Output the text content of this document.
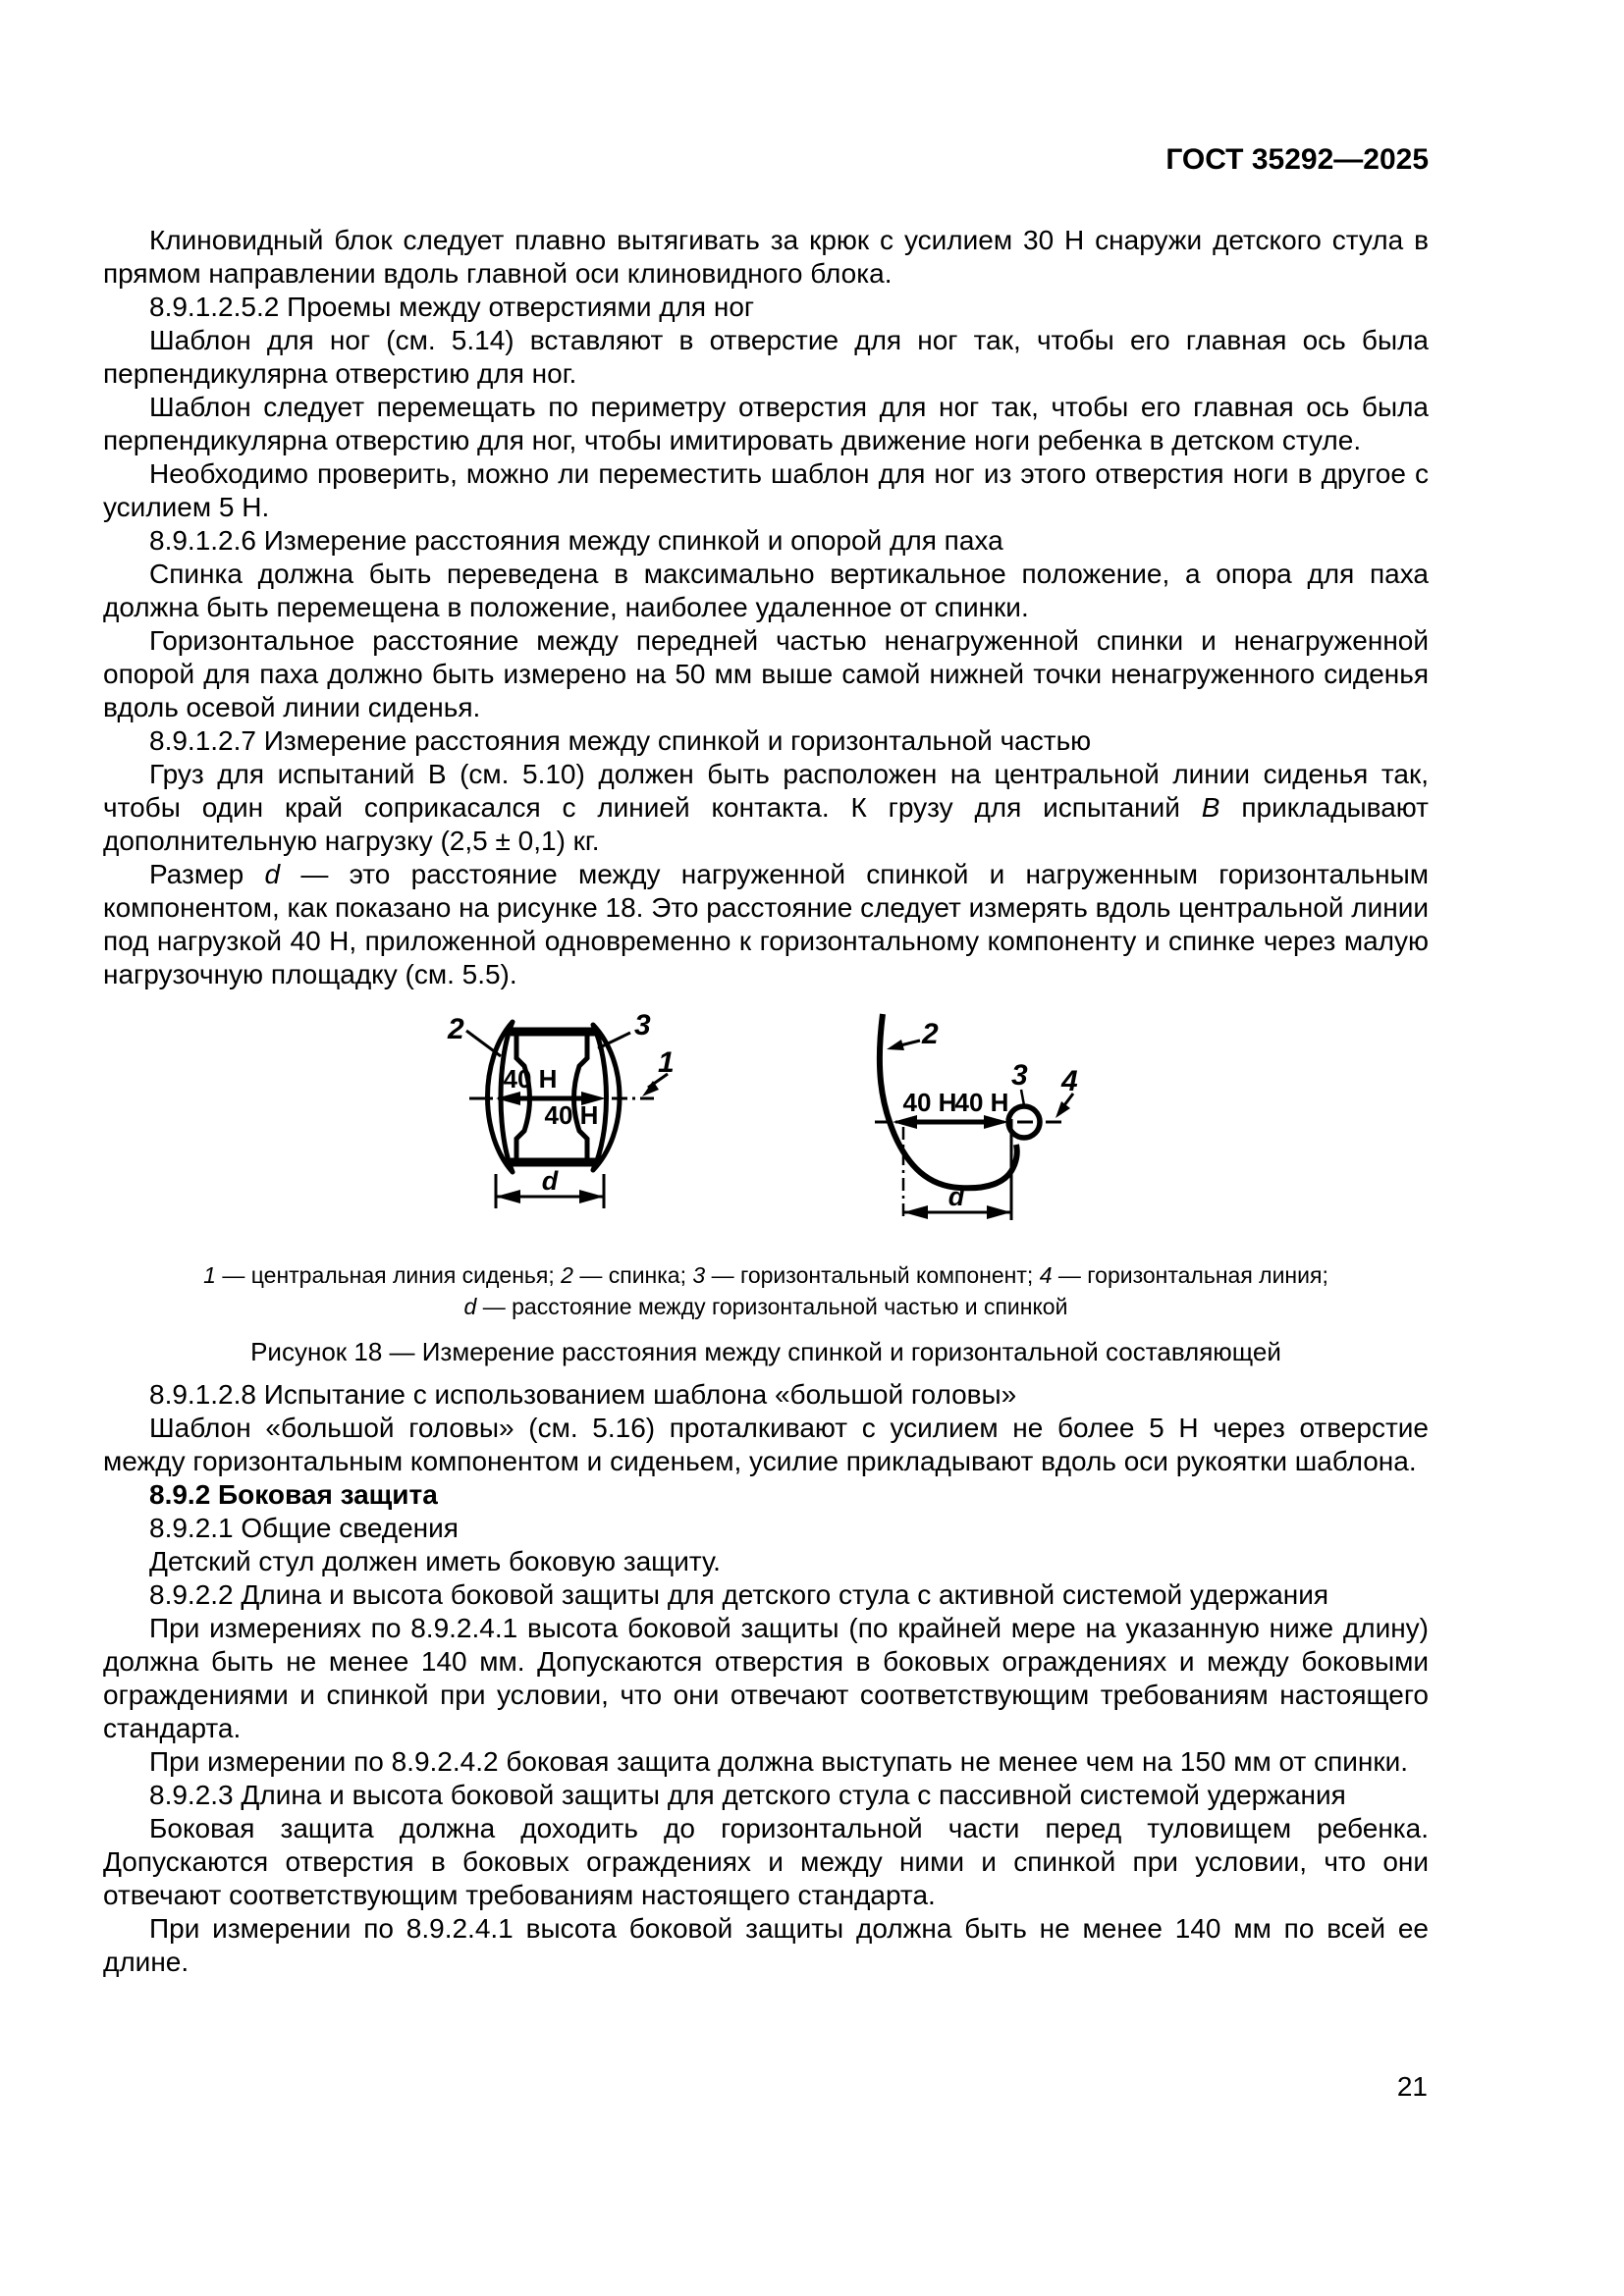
ГОСТ 35292—2025

Клиновидный блок следует плавно вытягивать за крюк с усилием 30 Н снаружи детского стула в прямом направлении вдоль главной оси клиновидного блока.

8.9.1.2.5.2 Проемы между отверстиями для ног

Шаблон для ног (см. 5.14) вставляют в отверстие для ног так, чтобы его главная ось была перпендикулярна отверстию для ног.

Шаблон следует перемещать по периметру отверстия для ног так, чтобы его главная ось была перпендикулярна отверстию для ног, чтобы имитировать движение ноги ребенка в детском стуле.

Необходимо проверить, можно ли переместить шаблон для ног из этого отверстия ноги в другое с усилием 5 Н.

8.9.1.2.6 Измерение расстояния между спинкой и опорой для паха

Спинка должна быть переведена в максимально вертикальное положение, а опора для паха должна быть перемещена в положение, наиболее удаленное от спинки.

Горизонтальное расстояние между передней частью ненагруженной спинки и ненагруженной опорой для паха должно быть измерено на 50 мм выше самой нижней точки ненагруженного сиденья вдоль осевой линии сиденья.

8.9.1.2.7 Измерение расстояния между спинкой и горизонтальной частью

Груз для испытаний В (см. 5.10) должен быть расположен на центральной линии сиденья так, чтобы один край соприкасался с линией контакта. К грузу для испытаний B прикладывают дополнительную нагрузку (2,5 ± 0,1) кг.

Размер d — это расстояние между нагруженной спинкой и нагруженным горизонтальным компонентом, как показано на рисунке 18. Это расстояние следует измерять вдоль центральной линии под нагрузкой 40 Н, приложенной одновременно к горизонтальному компоненту и спинке через малую нагрузочную площадку (см. 5.5).

40 Н
40 Н
2	3
1
d
2
40 Н
40 Н
3 4
d

1 — центральная линия сиденья; 2 — спинка; 3 — горизонтальный компонент; 4 — горизонтальная линия;
d — расстояние между горизонтальной частью и спинкой

Рисунок 18 — Измерение расстояния между спинкой и горизонтальной составляющей

8.9.1.2.8 Испытание с использованием шаблона «большой головы»

Шаблон «большой головы» (см. 5.16) проталкивают с усилием не более 5 Н через отверстие между горизонтальным компонентом и сиденьем, усилие прикладывают вдоль оси рукоятки шаблона.

8.9.2 Боковая защита

8.9.2.1 Общие сведения

Детский стул должен иметь боковую защиту.

8.9.2.2 Длина и высота боковой защиты для детского стула с активной системой удержания

При измерениях по 8.9.2.4.1 высота боковой защиты (по крайней мере на указанную ниже длину) должна быть не менее 140 мм. Допускаются отверстия в боковых ограждениях и между боковыми ограждениями и спинкой при условии, что они отвечают соответствующим требованиям настоящего стандарта.

При измерении по 8.9.2.4.2 боковая защита должна выступать не менее чем на 150 мм от спинки.

8.9.2.3 Длина и высота боковой защиты для детского стула с пассивной системой удержания

Боковая защита должна доходить до горизонтальной части перед туловищем ребенка. Допускаются отверстия в боковых ограждениях и между ними и спинкой при условии, что они отвечают соответствующим требованиям настоящего стандарта.

При измерении по 8.9.2.4.1 высота боковой защиты должна быть не менее 140 мм по всей ее длине.

21
